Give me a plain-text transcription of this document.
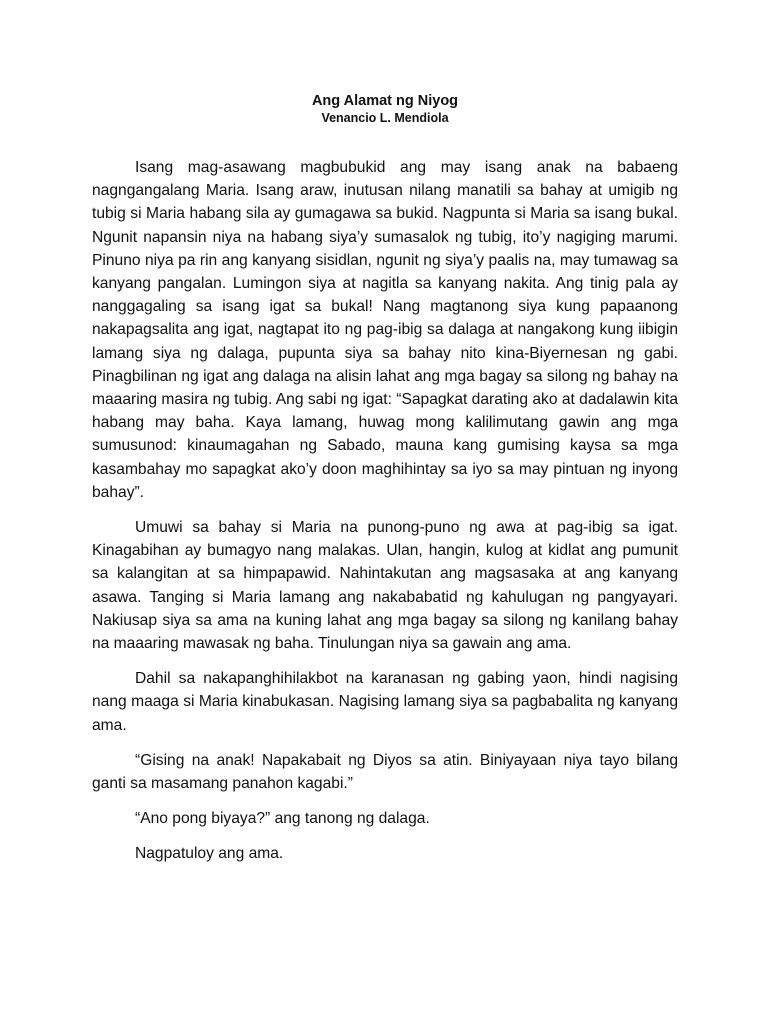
Ang Alamat ng Niyog
Venancio L. Mendiola

Isang mag-asawang magbubukid ang may isang anak na babaeng nagngangalang Maria. Isang araw, inutusan nilang manatili sa bahay at umigib ng tubig si Maria habang sila ay gumagawa sa bukid. Nagpunta si Maria sa isang bukal. Ngunit napansin niya na habang siya’y sumasalok ng tubig, ito’y nagiging marumi. Pinuno niya pa rin ang kanyang sisidlan, ngunit ng siya’y paalis na, may tumawag sa kanyang pangalan. Lumingon siya at nagitla sa kanyang nakita. Ang tinig pala ay nanggagaling sa isang igat sa bukal! Nang magtanong siya kung papaanong nakapagsalita ang igat, nagtapat ito ng pag-ibig sa dalaga at nangakong kung iibigin lamang siya ng dalaga, pupunta siya sa bahay nito kina-Biyernesan ng gabi. Pinagbilinan ng igat ang dalaga na alisin lahat ang mga bagay sa silong ng bahay na maaaring masira ng tubig. Ang sabi ng igat: “Sapagkat darating ako at dadalawin kita habang may baha. Kaya lamang, huwag mong kalilimutang gawin ang mga sumusunod: kinaumagahan ng Sabado, mauna kang gumising kaysa sa mga kasambahay mo sapagkat ako’y doon maghihintay sa iyo sa may pintuan ng inyong bahay”.

Umuwi sa bahay si Maria na punong-puno ng awa at pag-ibig sa igat. Kinagabihan ay bumagyo nang malakas. Ulan, hangin, kulog at kidlat ang pumunit sa kalangitan at sa himpapawid. Nahintakutan ang magsasaka at ang kanyang asawa. Tanging si Maria lamang ang nakababatid ng kahulugan ng pangyayari. Nakiusap siya sa ama na kuning lahat ang mga bagay sa silong ng kanilang bahay na maaaring mawasak ng baha. Tinulungan niya sa gawain ang ama.

Dahil sa nakapanghihilakbot na karanasan ng gabing yaon, hindi nagising nang maaga si Maria kinabukasan. Nagising lamang siya sa pagbabalita ng kanyang ama.

“Gising na anak! Napakabait ng Diyos sa atin. Biniyayaan niya tayo bilang ganti sa masamang panahon kagabi.”

“Ano pong biyaya?” ang tanong ng dalaga.

Nagpatuloy ang ama.
